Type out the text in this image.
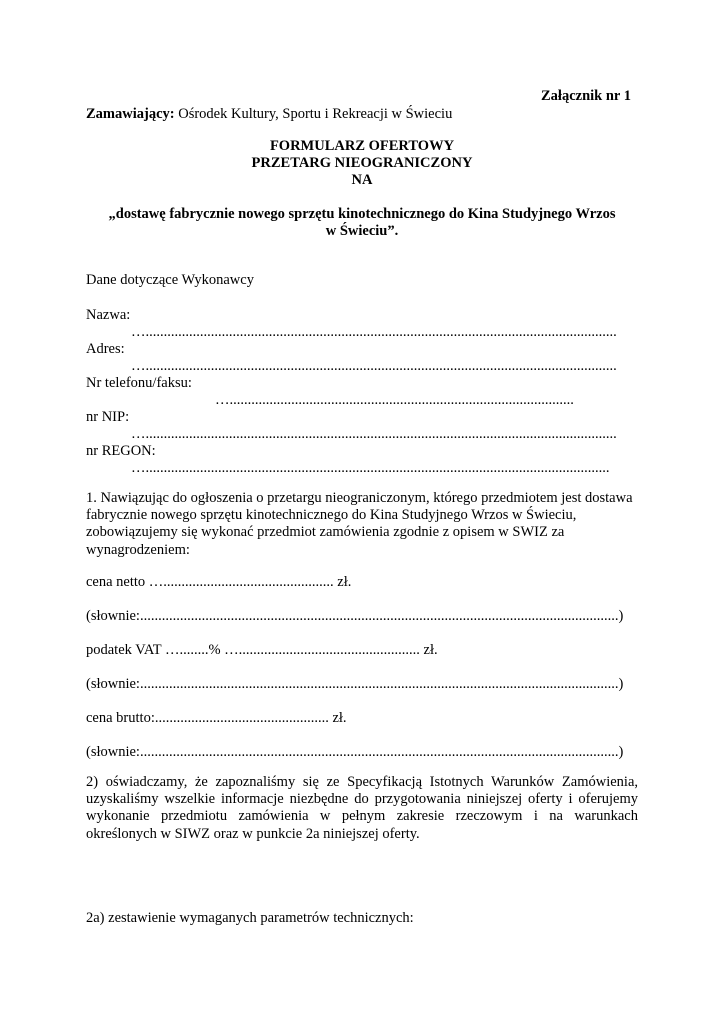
Załącznik nr 1
Zamawiający: Ośrodek Kultury, Sportu i Rekreacji w Świeciu
FORMULARZ OFERTOWY
PRZETARG NIEOGRANICZONY
NA
„dostawę fabrycznie nowego sprzętu kinotechnicznego do Kina Studyjnego Wrzos
w Świeciu”.
Dane dotyczące Wykonawcy
Nazwa:
…..................................................................................................................................
Adres:
…..................................................................................................................................
Nr telefonu/faksu:
…...............................................................................................
nr NIP:
…..................................................................................................................................
nr REGON:
…................................................................................................................................
1. Nawiązując do ogłoszenia o przetargu nieograniczonym, którego przedmiotem jest dostawa fabrycznie nowego sprzętu kinotechnicznego do Kina Studyjnego Wrzos w Świeciu, zobowiązujemy się wykonać przedmiot zamówienia zgodnie z opisem w SWIZ za wynagrodzeniem:
cena netto …............................................... zł.
(słownie:....................................................................................................................................)
podatek VAT …........% ….................................................. zł.
(słownie:....................................................................................................................................)
cena brutto:................................................ zł.
(słownie:....................................................................................................................................)
2) oświadczamy, że zapoznaliśmy się ze Specyfikacją Istotnych Warunków Zamówienia, uzyskaliśmy wszelkie informacje niezbędne do przygotowania niniejszej oferty i oferujemy wykonanie przedmiotu zamówienia w pełnym zakresie rzeczowym i na warunkach określonych w SIWZ oraz w punkcie 2a niniejszej oferty.
2a) zestawienie wymaganych parametrów technicznych:
